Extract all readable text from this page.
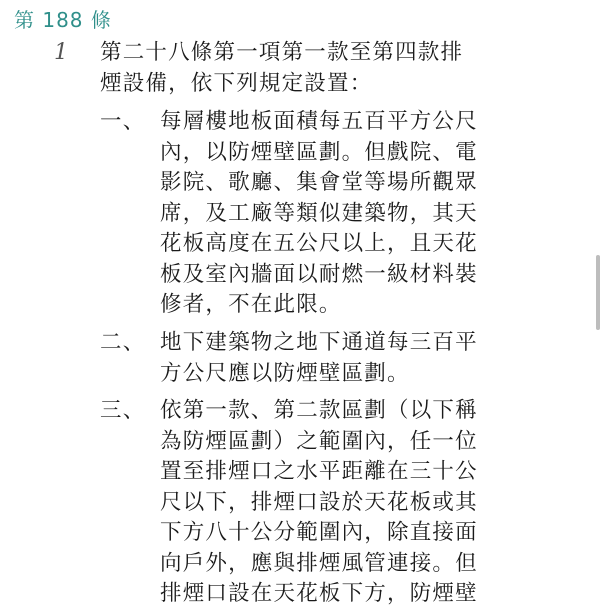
第 188 條
1 第二十八條第一項第一款至第四款排
煙設備，依下列規定設置：

一、 每層樓地板面積每五百平方公尺
內，以防煙壁區劃。但戲院、電
影院、歌廳、集會堂等場所觀眾
席，及工廠等類似建築物，其天
花板高度在五公尺以上，且天花
板及室內牆面以耐燃一級材料裝
修者，不在此限。

二、 地下建築物之地下通道每三百平
方公尺應以防煙壁區劃。

三、 依第一款、第二款區劃（以下稱
為防煙區劃）之範圍內，任一位
置至排煙口之水平距離在三十公
尺以下，排煙口設於天花板或其
下方八十公分範圍內，除直接面
向戶外，應與排煙風管連接。但
排煙口設在天花板下方，防煙壁
